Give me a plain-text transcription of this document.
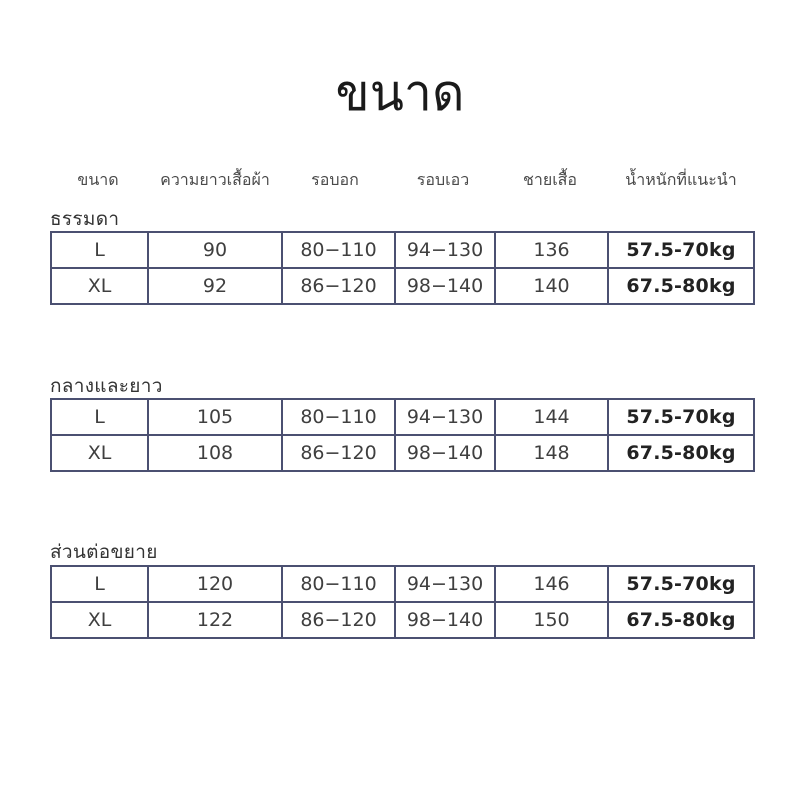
ขนาด
ขนาด	ความยาวเสื้อผ้า	รอบอก	รอบเอว	ชายเสื้อ	น้ำหนักที่แนะนำ
ธรรมดา
L	90	80−110	94−130	136	57.5-70kg
XL	92	86−120	98−140	140	67.5-80kg
กลางและยาว
L	105	80−110	94−130	144	57.5-70kg
XL	108	86−120	98−140	148	67.5-80kg
ส่วนต่อขยาย
L	120	80−110	94−130	146	57.5-70kg
XL	122	86−120	98−140	150	67.5-80kg
